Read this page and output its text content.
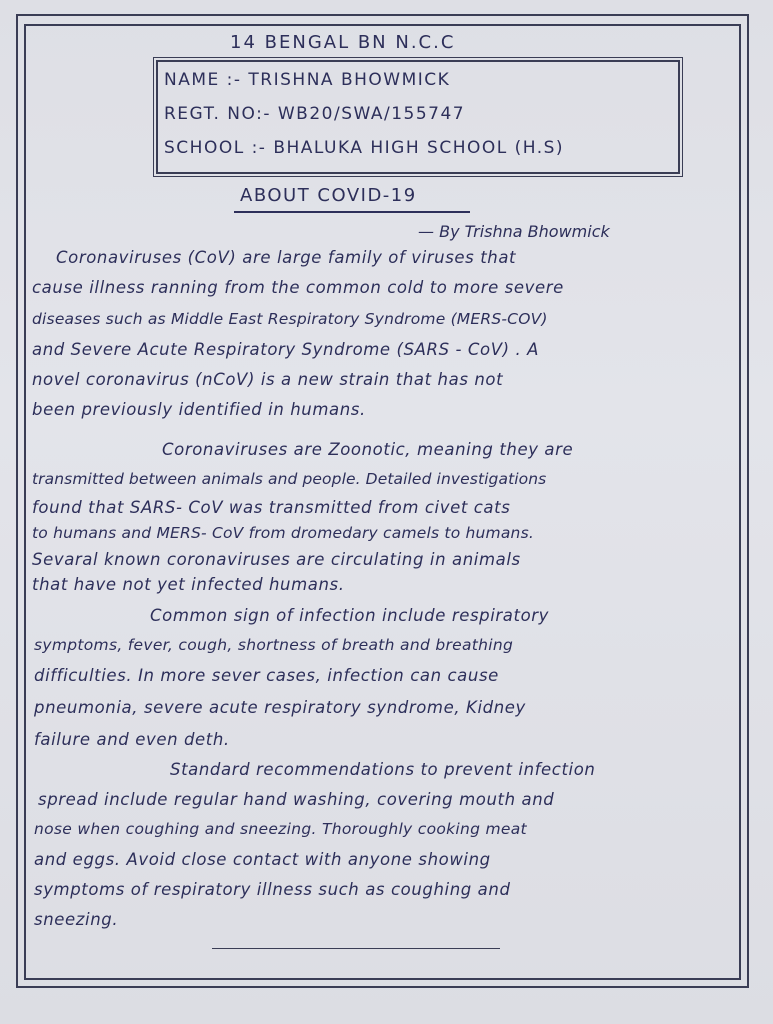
14 BENGAL BN N.C.C
NAME :- TRISHNA BHOWMICK
REGT. NO:- WB20/SWA/155747
SCHOOL :- BHALUKA HIGH SCHOOL (H.S)
ABOUT COVID-19
— By Trishna Bhowmick
Coronaviruses (CoV) are large family of viruses that
cause illness ranning from the common cold to more severe
diseases such as Middle East Respiratory Syndrome (MERS-COV)
and Severe Acute Respiratory Syndrome (SARS - CoV) . A
novel coronavirus (nCoV) is a new strain that has not
been previously identified in humans.
Coronaviruses are Zoonotic, meaning they are
transmitted between animals and people. Detailed investigations
found that SARS- CoV was transmitted from civet cats
to humans and MERS- CoV from dromedary camels to humans.
Sevaral known coronaviruses are circulating in animals
that have not yet infected humans.
Common sign of infection include respiratory
symptoms, fever, cough, shortness of breath and breathing
difficulties. In more sever cases, infection can cause
pneumonia, severe acute respiratory syndrome, Kidney
failure and even deth.
Standard recommendations to prevent infection
spread include regular hand washing, covering mouth and
nose when coughing and sneezing. Thoroughly cooking meat
and eggs. Avoid close contact with anyone showing
symptoms of respiratory illness such as coughing and
sneezing.
